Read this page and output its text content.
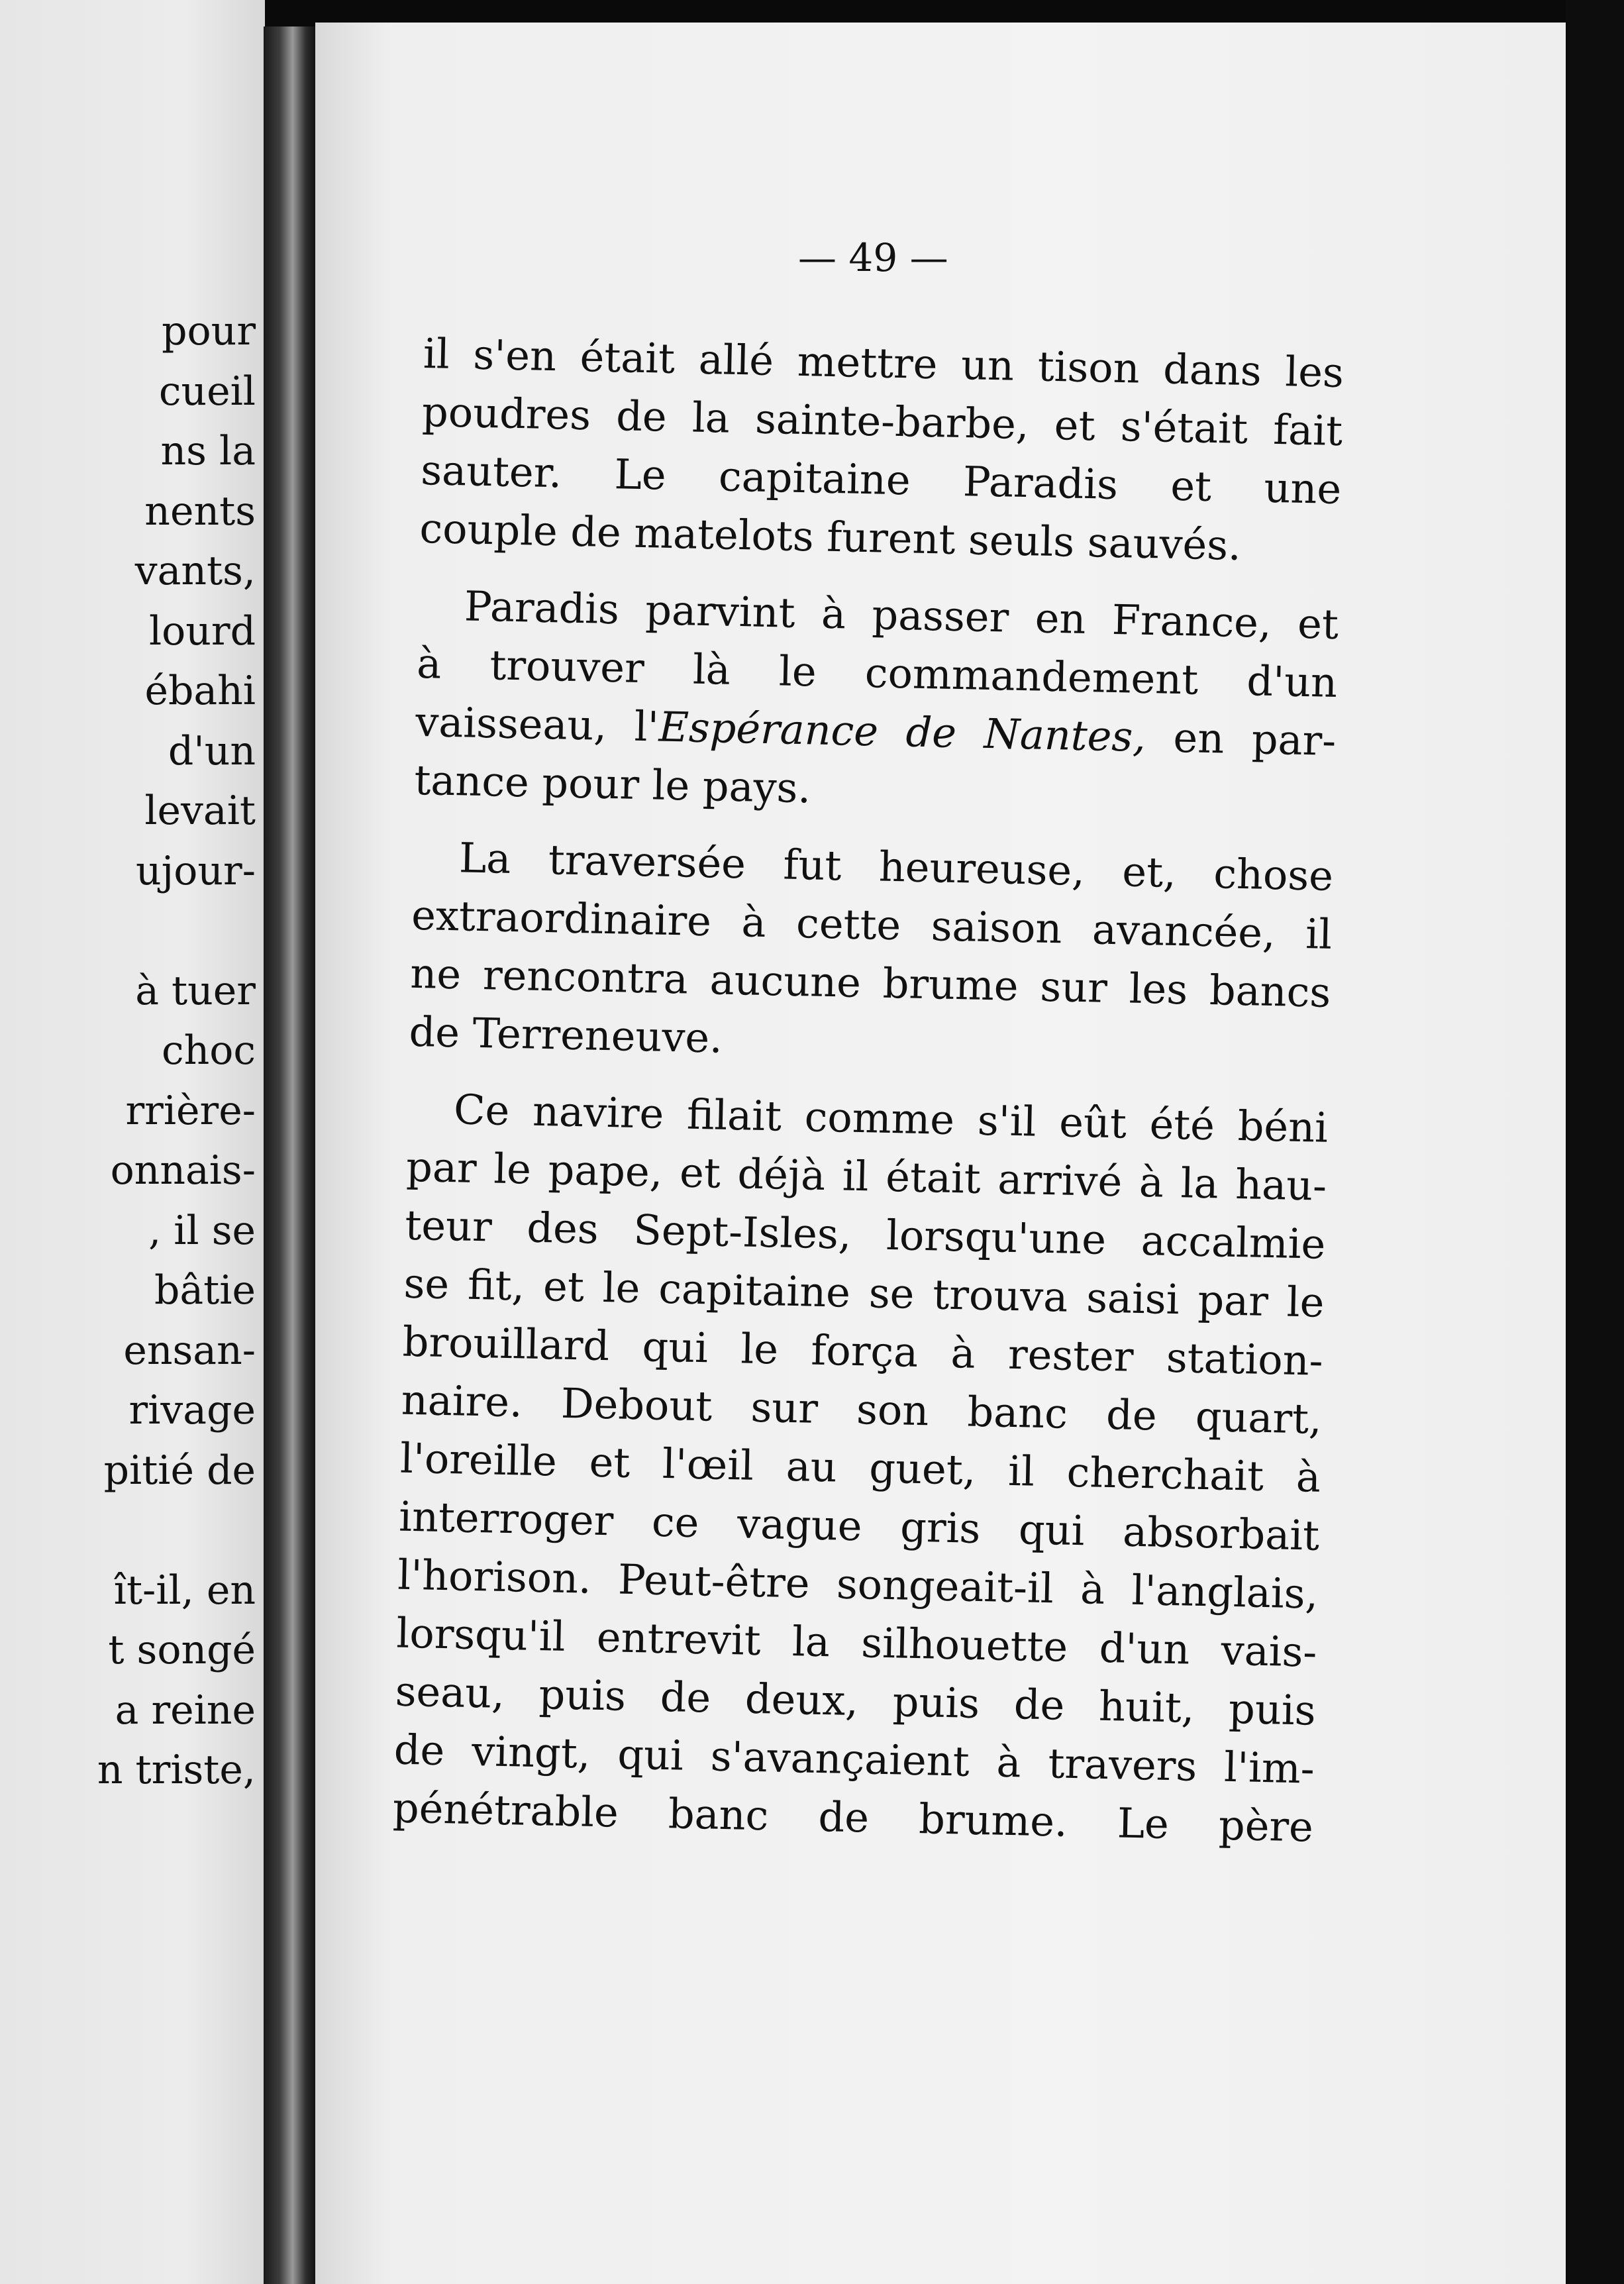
pour
cueil
ns la
nents
vants,
lourd
ébahi
d'un
levait
ujour-
à tuer
choc
rrière-
onnais-
, il se
bâtie
ensan-
rivage
pitié de
ît-il, en
t songé
a reine
n triste,
— 49 —
il s'en était allé mettre un tison dans les
poudres de la sainte-barbe, et s'était fait
sauter. Le capitaine Paradis et une
couple de matelots furent seuls sauvés.
Paradis parvint à passer en France, et
à trouver là le commandement d'un
vaisseau, l'Espérance de Nantes, en par-
tance pour le pays.
La traversée fut heureuse, et, chose
extraordinaire à cette saison avancée, il
ne rencontra aucune brume sur les bancs
de Terreneuve.
Ce navire filait comme s'il eût été béni
par le pape, et déjà il était arrivé à la hau-
teur des Sept-Isles, lorsqu'une accalmie
se fit, et le capitaine se trouva saisi par le
brouillard qui le força à rester station-
naire. Debout sur son banc de quart,
l'oreille et l'œil au guet, il cherchait à
interroger ce vague gris qui absorbait
l'horison. Peut-être songeait-il à l'anglais,
lorsqu'il entrevit la silhouette d'un vais-
seau, puis de deux, puis de huit, puis
de vingt, qui s'avançaient à travers l'im-
pénétrable banc de brume. Le père
